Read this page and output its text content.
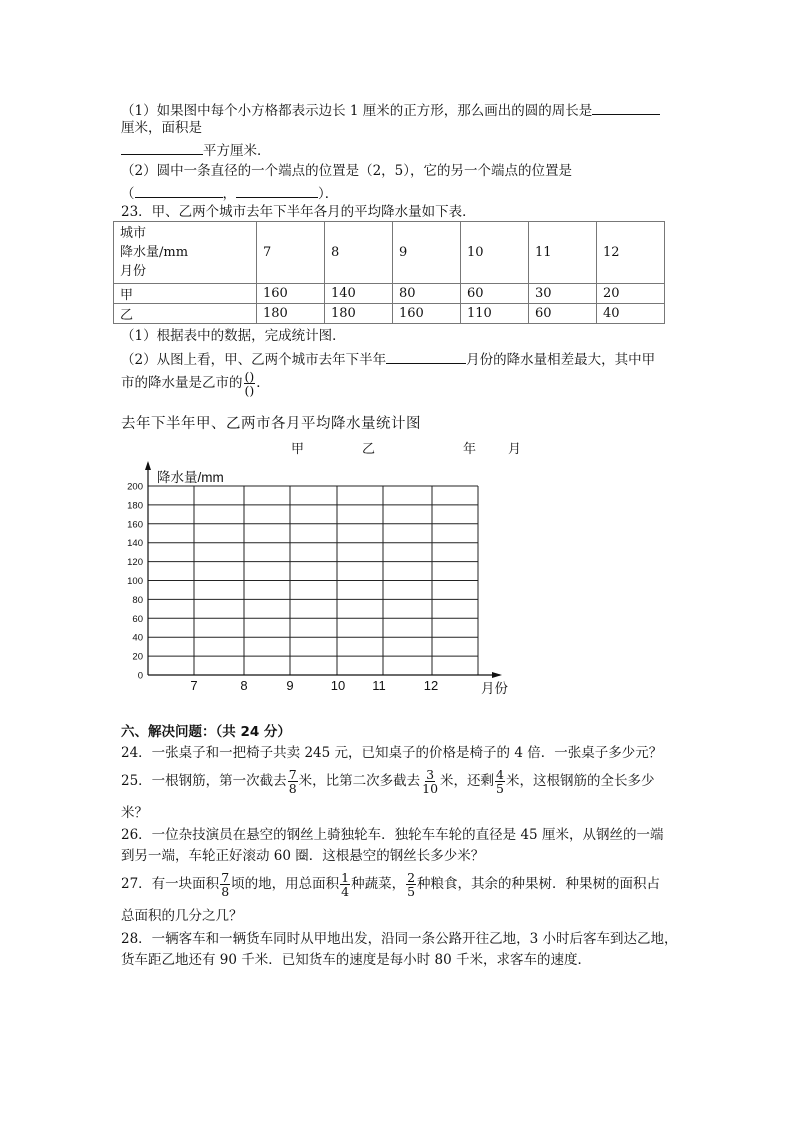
（1）如果图中每个小方格都表示边长 1 厘米的正方形，那么画出的圆的周长是
厘米，面积是
平方厘米．
（2）圆中一条直径的一个端点的位置是（2，5），它的另一个端点的位置是
（	，	）．
23．甲、乙两个城市去年下半年各月的平均降水量如下表．
城市
降水量/mm
月份	7	8	9	10	11	12
甲	160	140	80	60	30	20
乙	180	180	160	110	60	40
（1）根据表中的数据，完成统计图．
（2）从图上看，甲、乙两个城市去年下半年	月份的降水量相差最大，其中甲
市的降水量是乙市的 $\frac{()}{()}$ ．
去年下半年甲、乙两市各月平均降水量统计图
甲	乙	年 月
0
20
40
60
80
100
120
140
160
180
200
降水量/mm
月份
7	8	9	10 11	12
六、解决问题：（共 24 分）
24．一张桌子和一把椅子共卖 245 元，已知桌子的价格是椅子的 4 倍．一张桌子多少元？
25．一根钢筋，第一次截去 $\frac{7}{8}$ 米，比第二次多截去 $\frac{3}{10}$ 米，还剩 $\frac{4}{5}$ 米，这根钢筋的全长多少
米？
26．一位杂技演员在悬空的钢丝上骑独轮车．独轮车车轮的直径是 45 厘米，从钢丝的一端
到另一端，车轮正好滚动 60 圈．这根悬空的钢丝长多少米？
27．有一块面积 $\frac{7}{8}$ 顷的地，用总面积 $\frac{1}{4}$ 种蔬菜， $\frac{2}{5}$ 种粮食，其余的种果树．种果树的面积占
总面积的几分之几？
28．一辆客车和一辆货车同时从甲地出发，沿同一条公路开往乙地，3 小时后客车到达乙地，
货车距乙地还有 90 千米．已知货车的速度是每小时 80 千米，求客车的速度．
